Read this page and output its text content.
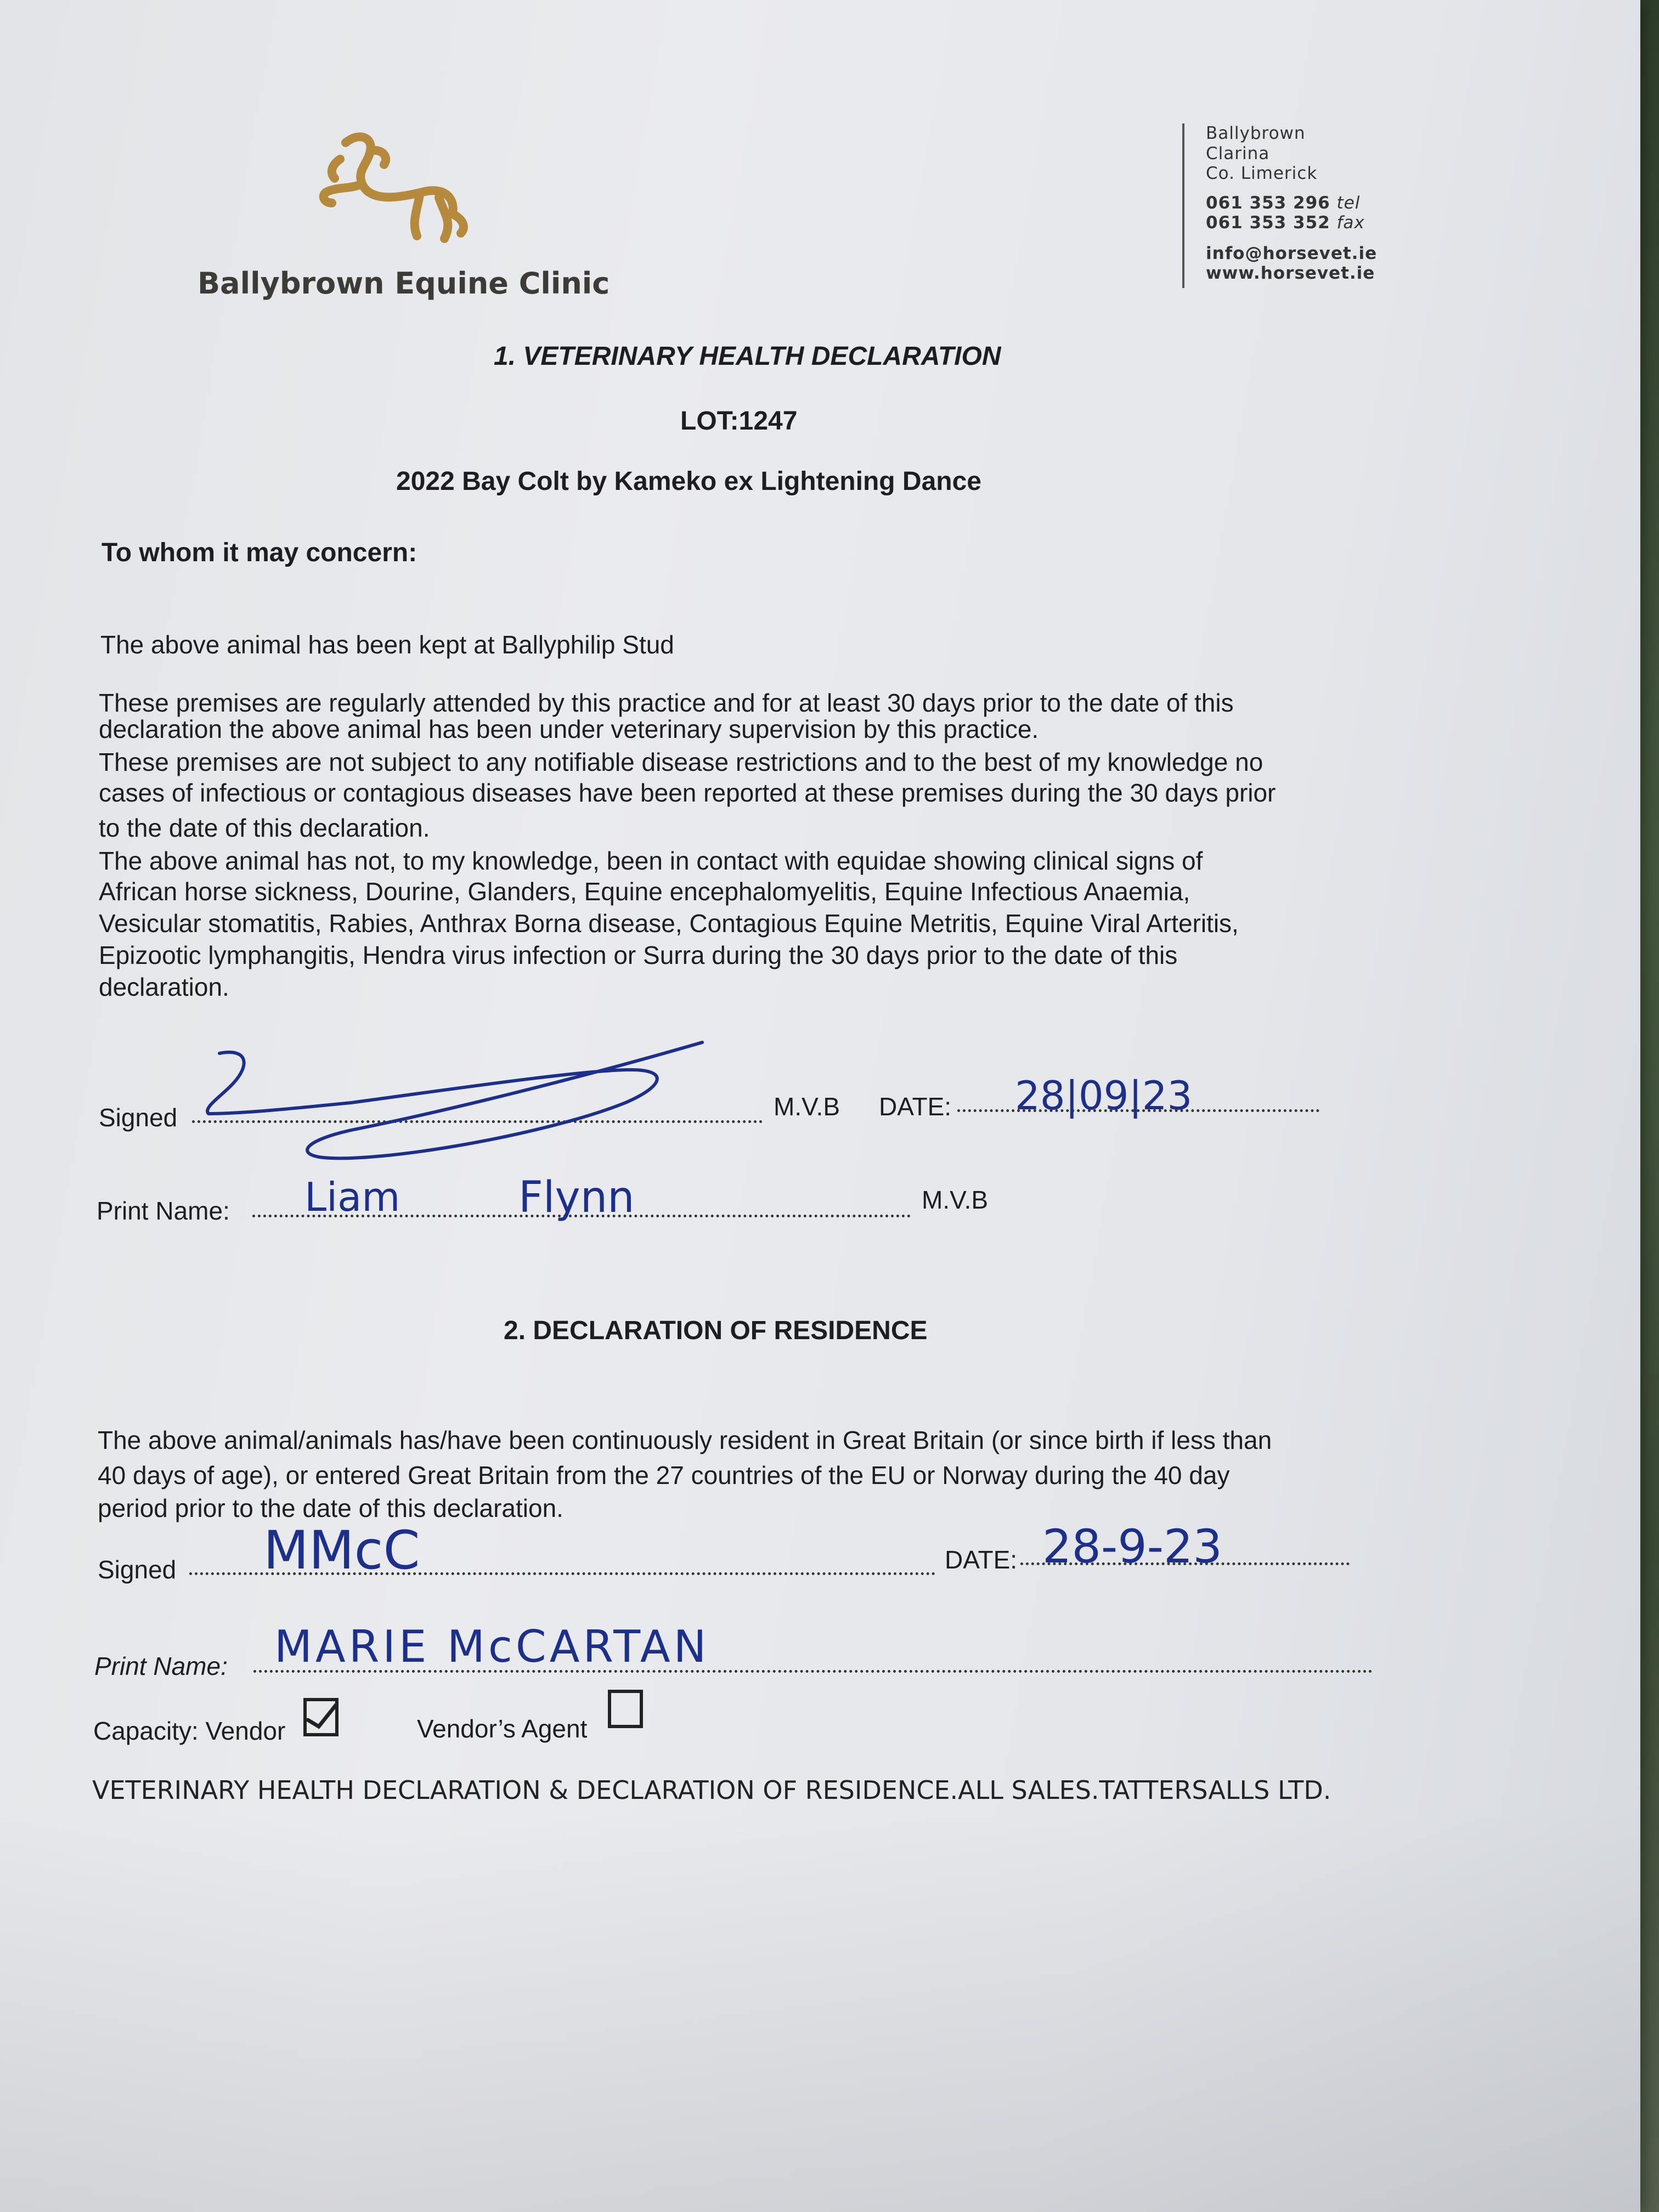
Ballybrown Equine Clinic
Ballybrown
Clarina
Co. Limerick
061 353 296 tel
061 353 352 fax
info@horsevet.ie
www.horsevet.ie
1. VETERINARY HEALTH DECLARATION
LOT:1247
2022 Bay Colt by Kameko ex Lightening Dance
To whom it may concern:
The above animal has been kept at Ballyphilip Stud
These premises are regularly attended by this practice and for at least 30 days prior to the date of this
declaration the above animal has been under veterinary supervision by this practice.
These premises are not subject to any notifiable disease restrictions and to the best of my knowledge no
cases of infectious or contagious diseases have been reported at these premises during the 30 days prior
to the date of this declaration.
The above animal has not, to my knowledge, been in contact with equidae showing clinical signs of
African horse sickness, Dourine, Glanders, Equine encephalomyelitis, Equine Infectious Anaemia,
Vesicular stomatitis, Rabies, Anthrax Borna disease, Contagious Equine Metritis, Equine Viral Arteritis,
Epizootic lymphangitis, Hendra virus infection or Surra during the 30 days prior to the date of this
declaration.
Signed	M.V.B DATE: 28|09|23
Print Name: Liam	Flynn	M.V.B
2. DECLARATION OF RESIDENCE
The above animal/animals has/have been continuously resident in Great Britain (or since birth if less than
40 days of age), or entered Great Britain from the 27 countries of the EU or Norway during the 40 day
period prior to the date of this declaration.
Signed MMcC	DATE: 28-9-23
Print Name: MARIE McCARTAN
Capacity: Vendor	Vendor’s Agent
VETERINARY HEALTH DECLARATION & DECLARATION OF RESIDENCE.ALL SALES.TATTERSALLS LTD.
